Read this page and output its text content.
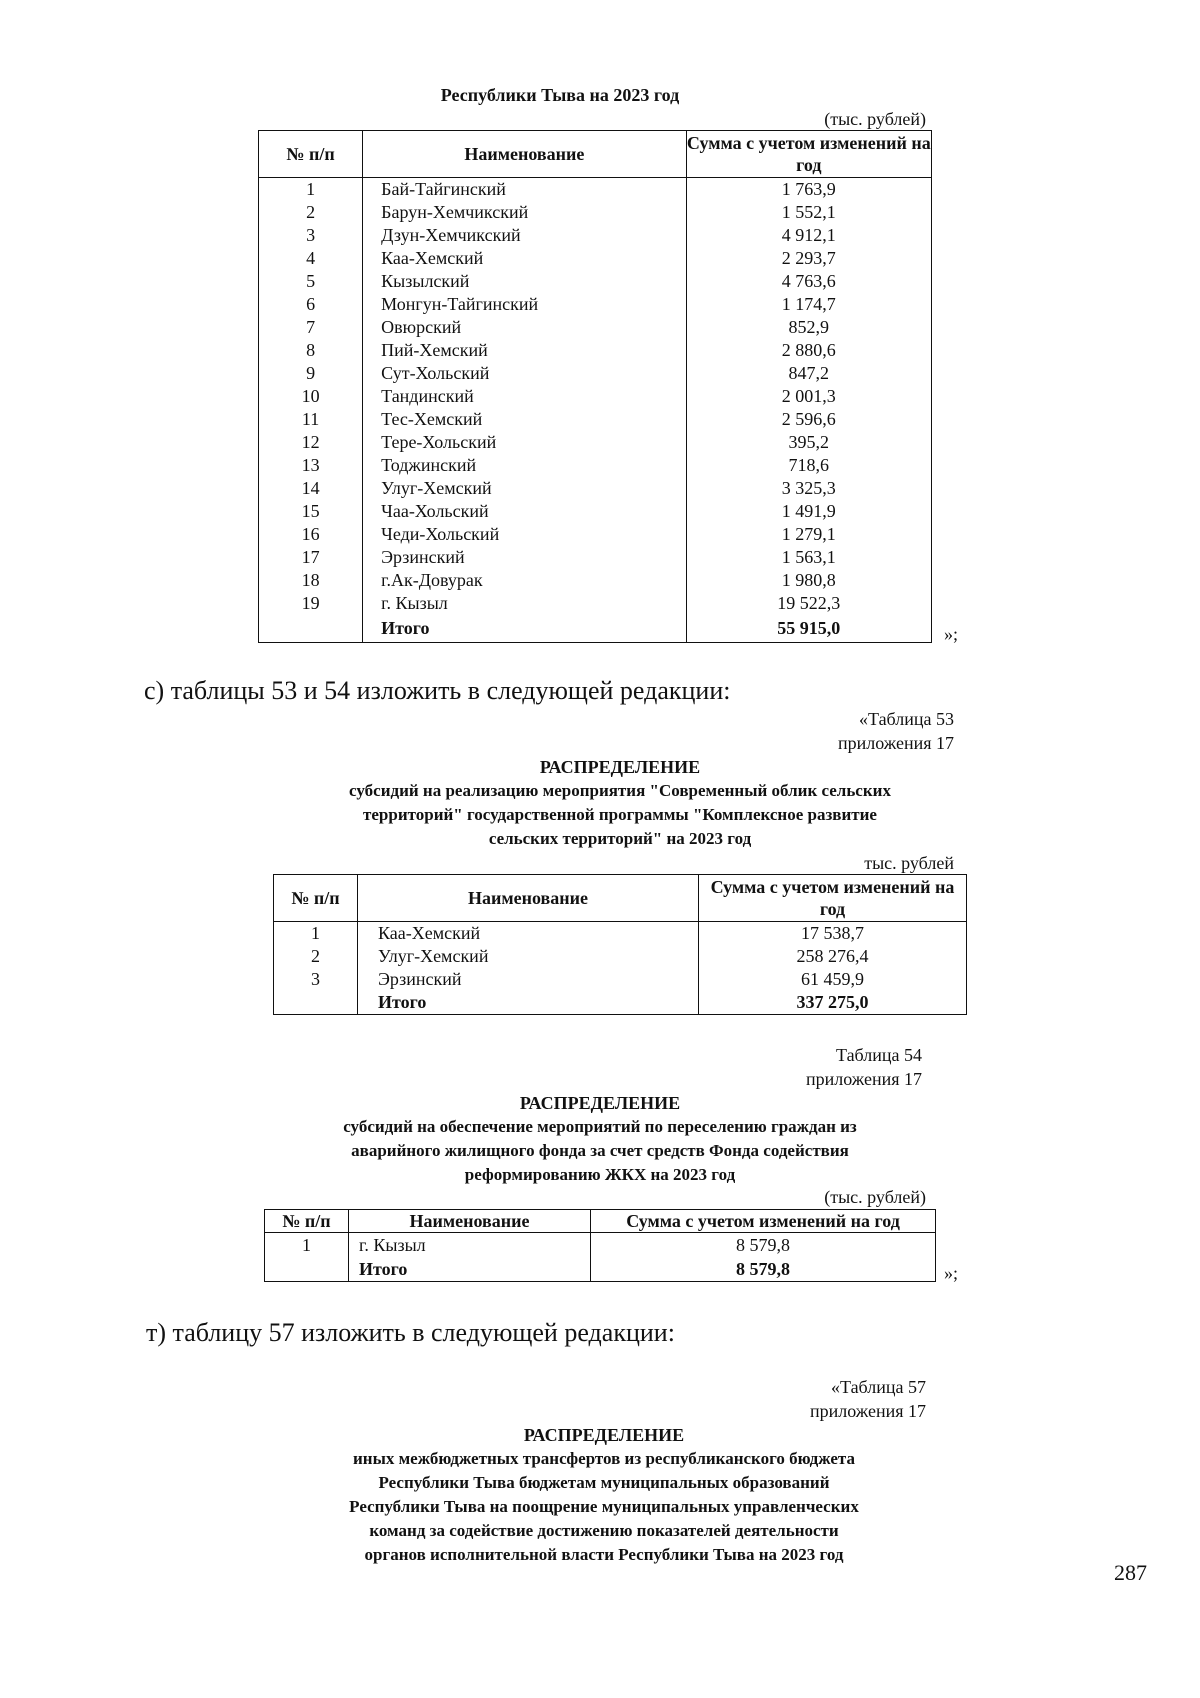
Республики Тыва на 2023 год
(тыс. рублей)
№ п/п	Наименование	Сумма с учетом изменений на год
1	Бай-Тайгинский	1 763,9
2	Барун-Хемчикский	1 552,1
3	Дзун-Хемчикский	4 912,1
4	Каа-Хемский	2 293,7
5	Кызылский	4 763,6
6	Монгун-Тайгинский	1 174,7
7	Овюрский	852,9
8	Пий-Хемский	2 880,6
9	Сут-Хольский	847,2
10	Тандинский	2 001,3
11	Тес-Хемский	2 596,6
12	Тере-Хольский	395,2
13	Тоджинский	718,6
14	Улуг-Хемский	3 325,3
15	Чаа-Хольский	1 491,9
16	Чеди-Хольский	1 279,1
17	Эрзинский	1 563,1
18	г.Ак-Довурак	1 980,8
19	г. Кызыл	19 522,3
	Итого	55 915,0	»;
с) таблицы 53 и 54 изложить в следующей редакции:
«Таблица 53
приложения 17
РАСПРЕДЕЛЕНИЕ
субсидий на реализацию мероприятия "Современный облик сельских
территорий" государственной программы "Комплексное развитие
сельских территорий" на 2023 год
тыс. рублей
№ п/п	Наименование	Сумма с учетом изменений на год
1	Каа-Хемский	17 538,7
2	Улуг-Хемский	258 276,4
3	Эрзинский	61 459,9
	Итого	337 275,0
Таблица 54
приложения 17
РАСПРЕДЕЛЕНИЕ
субсидий на обеспечение мероприятий по переселению граждан из
аварийного жилищного фонда за счет средств Фонда содействия
реформированию ЖКХ на 2023 год
(тыс. рублей)
№ п/п	Наименование	Сумма с учетом изменений на год
1	г. Кызыл	8 579,8
	Итого	8 579,8	»;
т) таблицу 57 изложить в следующей редакции:
«Таблица 57
приложения 17
РАСПРЕДЕЛЕНИЕ
иных межбюджетных трансфертов из республиканского бюджета
Республики Тыва бюджетам муниципальных образований
Республики Тыва на поощрение муниципальных управленческих
команд за содействие достижению показателей деятельности
органов исполнительной власти Республики Тыва на 2023 год
287
